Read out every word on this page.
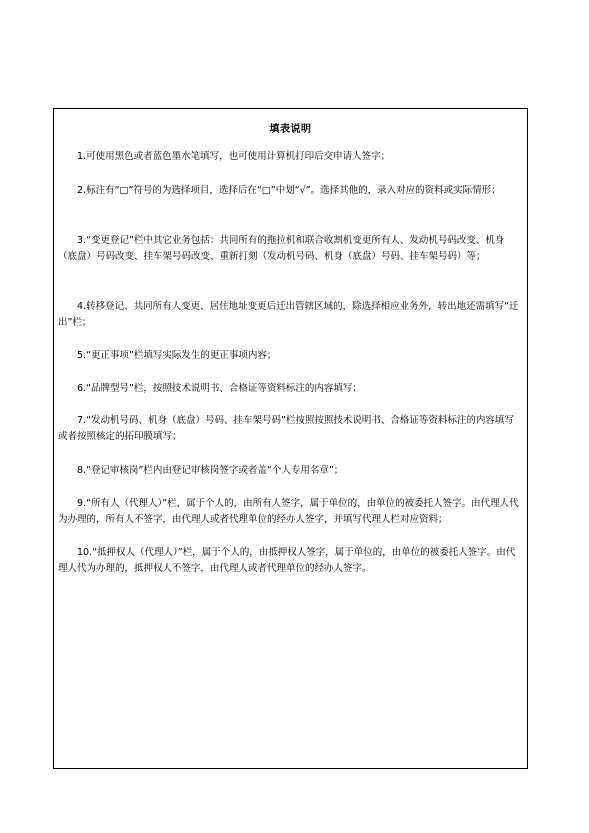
填表说明
1.可使用黑色或者蓝色墨水笔填写，也可使用计算机打印后交申请人签字；
2.标注有“□”符号的为选择项目，选择后在“□”中划“√”。选择其他的，录入对应的资料或实际情形；
3.“变更登记”栏中其它业务包括：共同所有的拖拉机和联合收割机变更所有人、发动机号码改变、机身（底盘）号码改变、挂车架号码改变、重新打刻（发动机号码、机身（底盘）号码、挂车架号码）等；
4.转移登记、共同所有人变更、居住地址变更后迁出管辖区域的，除选择相应业务外，转出地还需填写“迁出”栏；
5.“更正事项”栏填写实际发生的更正事项内容；
6.“品牌型号”栏，按照技术说明书、合格证等资料标注的内容填写；
7.“发动机号码、机身（底盘）号码、挂车架号码”栏按照按照技术说明书、合格证等资料标注的内容填写或者按照核定的拓印膜填写；
8.“登记审核岗”栏内由登记审核岗签字或者盖“个人专用名章”；
9.“所有人（代理人）”栏，属于个人的，由所有人签字，属于单位的，由单位的被委托人签字。由代理人代为办理的，所有人不签字，由代理人或者代理单位的经办人签字，并填写代理人栏对应资料；
10.“抵押权人（代理人）”栏，属于个人的，由抵押权人签字，属于单位的，由单位的被委托人签字。由代理人代为办理的，抵押权人不签字，由代理人或者代理单位的经办人签字。
